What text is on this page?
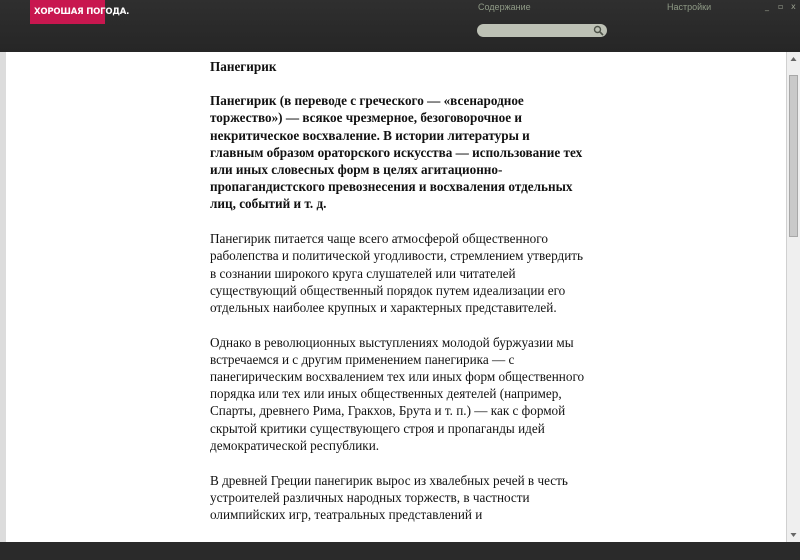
ХОРОШАЯ ПОГОДА.	Содержание	Настройки	_ ▫ x
Панегирик

Панегирик (в переводе с греческого — «всенародное торжество») — всякое чрезмерное, безоговорочное и некритическое восхваление. В истории литературы и главным образом ораторского искусства — использование тех или иных словесных форм в целях агитационно-пропагандистского превознесения и восхваления отдельных лиц, событий и т. д.

Панегирик питается чаще всего атмосферой общественного раболепства и политической угодливости, стремлением утвердить в сознании широкого круга слушателей или читателей существующий общественный порядок путем идеализации его отдельных наиболее крупных и характерных представителей.

Однако в революционных выступлениях молодой буржуазии мы встречаемся и с другим применением панегирика — с панегирическим восхвалением тех или иных форм общественного порядка или тех или иных общественных деятелей (например, Спарты, древнего Рима, Гракхов, Брута и т. п.) — как с формой скрытой критики существующего строя и пропаганды идей демократической республики.

В древней Греции панегирик вырос из хвалебных речей в честь устроителей различных народных торжеств, в частности олимпийских игр, театральных представлений и
